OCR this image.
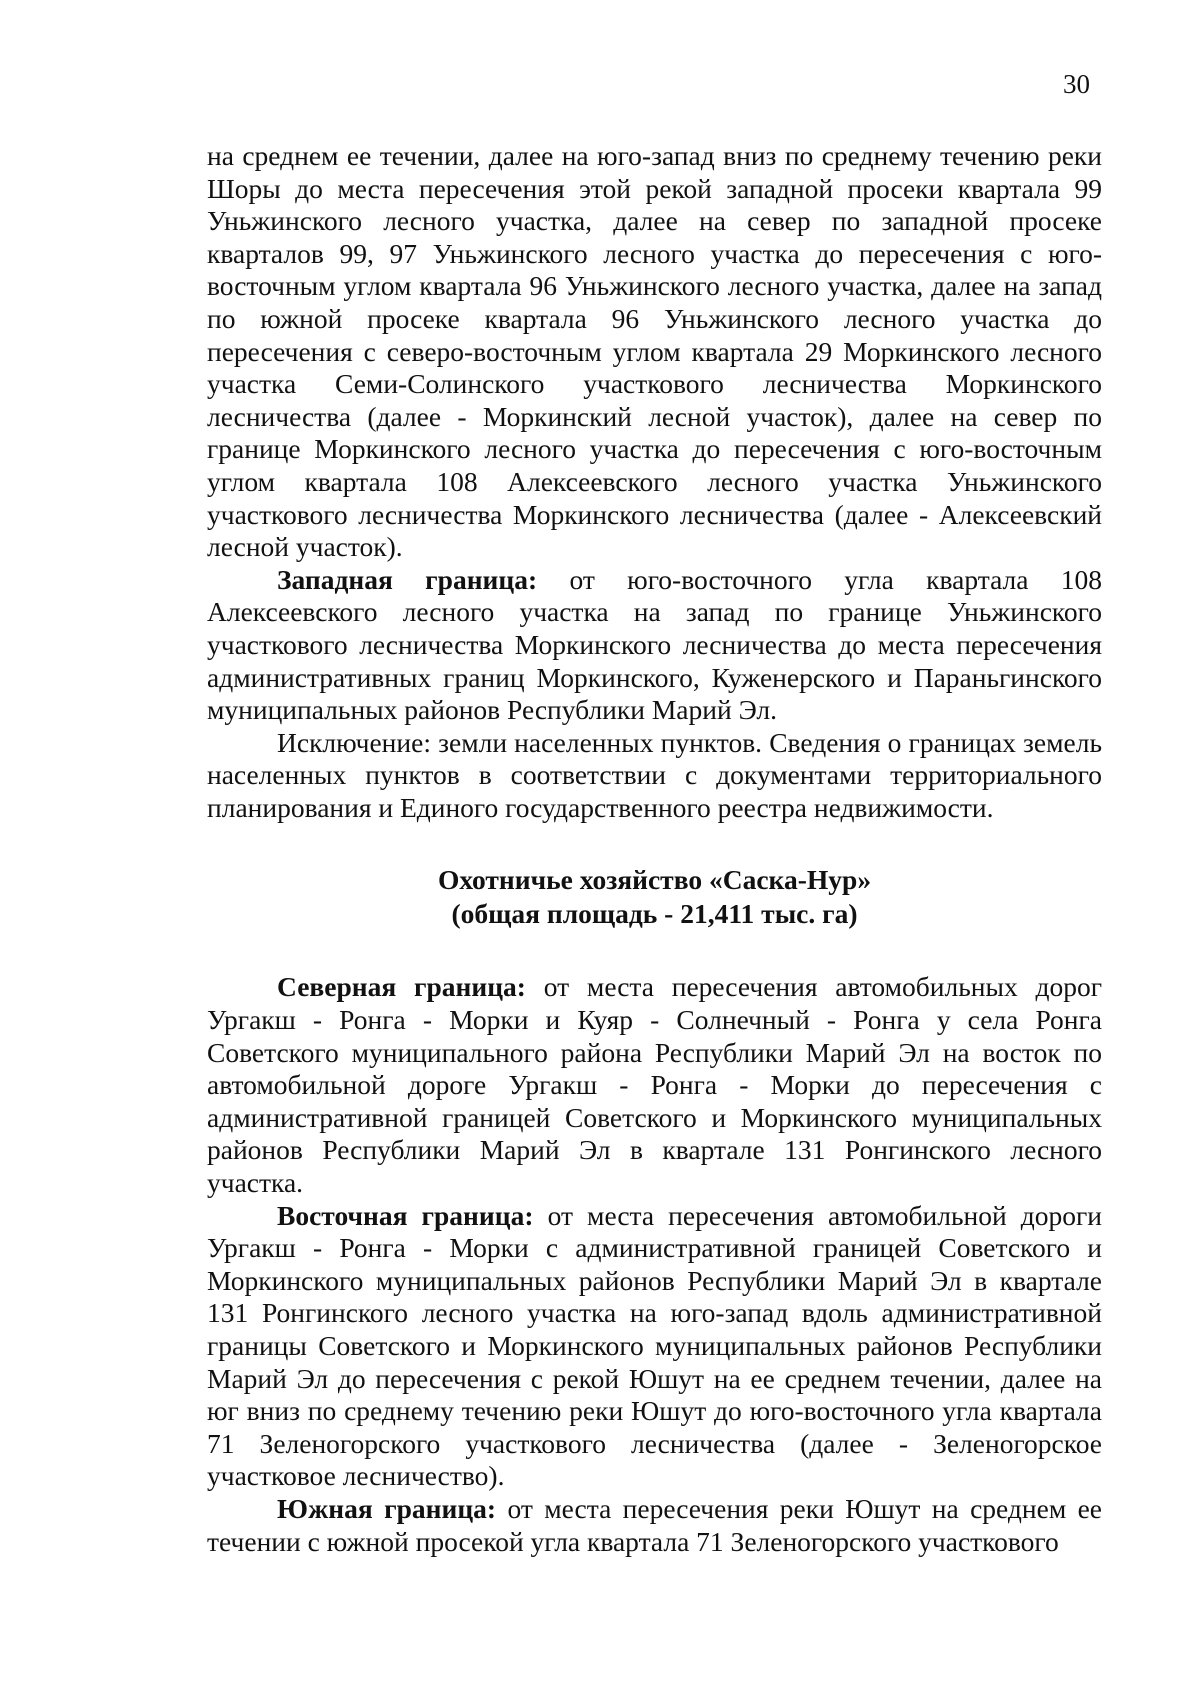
30

на среднем ее течении, далее на юго-запад вниз по среднему течению реки Шоры до места пересечения этой рекой западной просеки квартала 99 Уньжинского лесного участка, далее на север по западной просеке кварталов 99, 97 Уньжинского лесного участка до пересечения с юго-восточным углом квартала 96 Уньжинского лесного участка, далее на запад по южной просеке квартала 96 Уньжинского лесного участка до пересечения с северо-восточным углом квартала 29 Моркинского лесного участка Семи-Солинского участкового лесничества Моркинского лесничества (далее - Моркинский лесной участок), далее на север по границе Моркинского лесного участка до пересечения с юго-восточным углом квартала 108 Алексеевского лесного участка Уньжинского участкового лесничества Моркинского лесничества (далее - Алексеевский лесной участок).

Западная граница: от юго-восточного угла квартала 108 Алексеевского лесного участка на запад по границе Уньжинского участкового лесничества Моркинского лесничества до места пересечения административных границ Моркинского, Куженерского и Параньгинского муниципальных районов Республики Марий Эл.

Исключение: земли населенных пунктов. Сведения о границах земель населенных пунктов в соответствии с документами территориального планирования и Единого государственного реестра недвижимости.

Охотничье хозяйство «Саска-Нур»
(общая площадь - 21,411 тыс. га)

Северная граница: от места пересечения автомобильных дорог Ургакш - Ронга - Морки и Куяр - Солнечный - Ронга у села Ронга Советского муниципального района Республики Марий Эл на восток по автомобильной дороге Ургакш - Ронга - Морки до пересечения с административной границей Советского и Моркинского муниципальных районов Республики Марий Эл в квартале 131 Ронгинского лесного участка.

Восточная граница: от места пересечения автомобильной дороги Ургакш - Ронга - Морки с административной границей Советского и Моркинского муниципальных районов Республики Марий Эл в квартале 131 Ронгинского лесного участка на юго-запад вдоль административной границы Советского и Моркинского муниципальных районов Республики Марий Эл до пересечения с рекой Юшут на ее среднем течении, далее на юг вниз по среднему течению реки Юшут до юго-восточного угла квартала 71 Зеленогорского участкового лесничества (далее - Зеленогорское участковое лесничество).

Южная граница: от места пересечения реки Юшут на среднем ее течении с южной просекой угла квартала 71 Зеленогорского участкового
